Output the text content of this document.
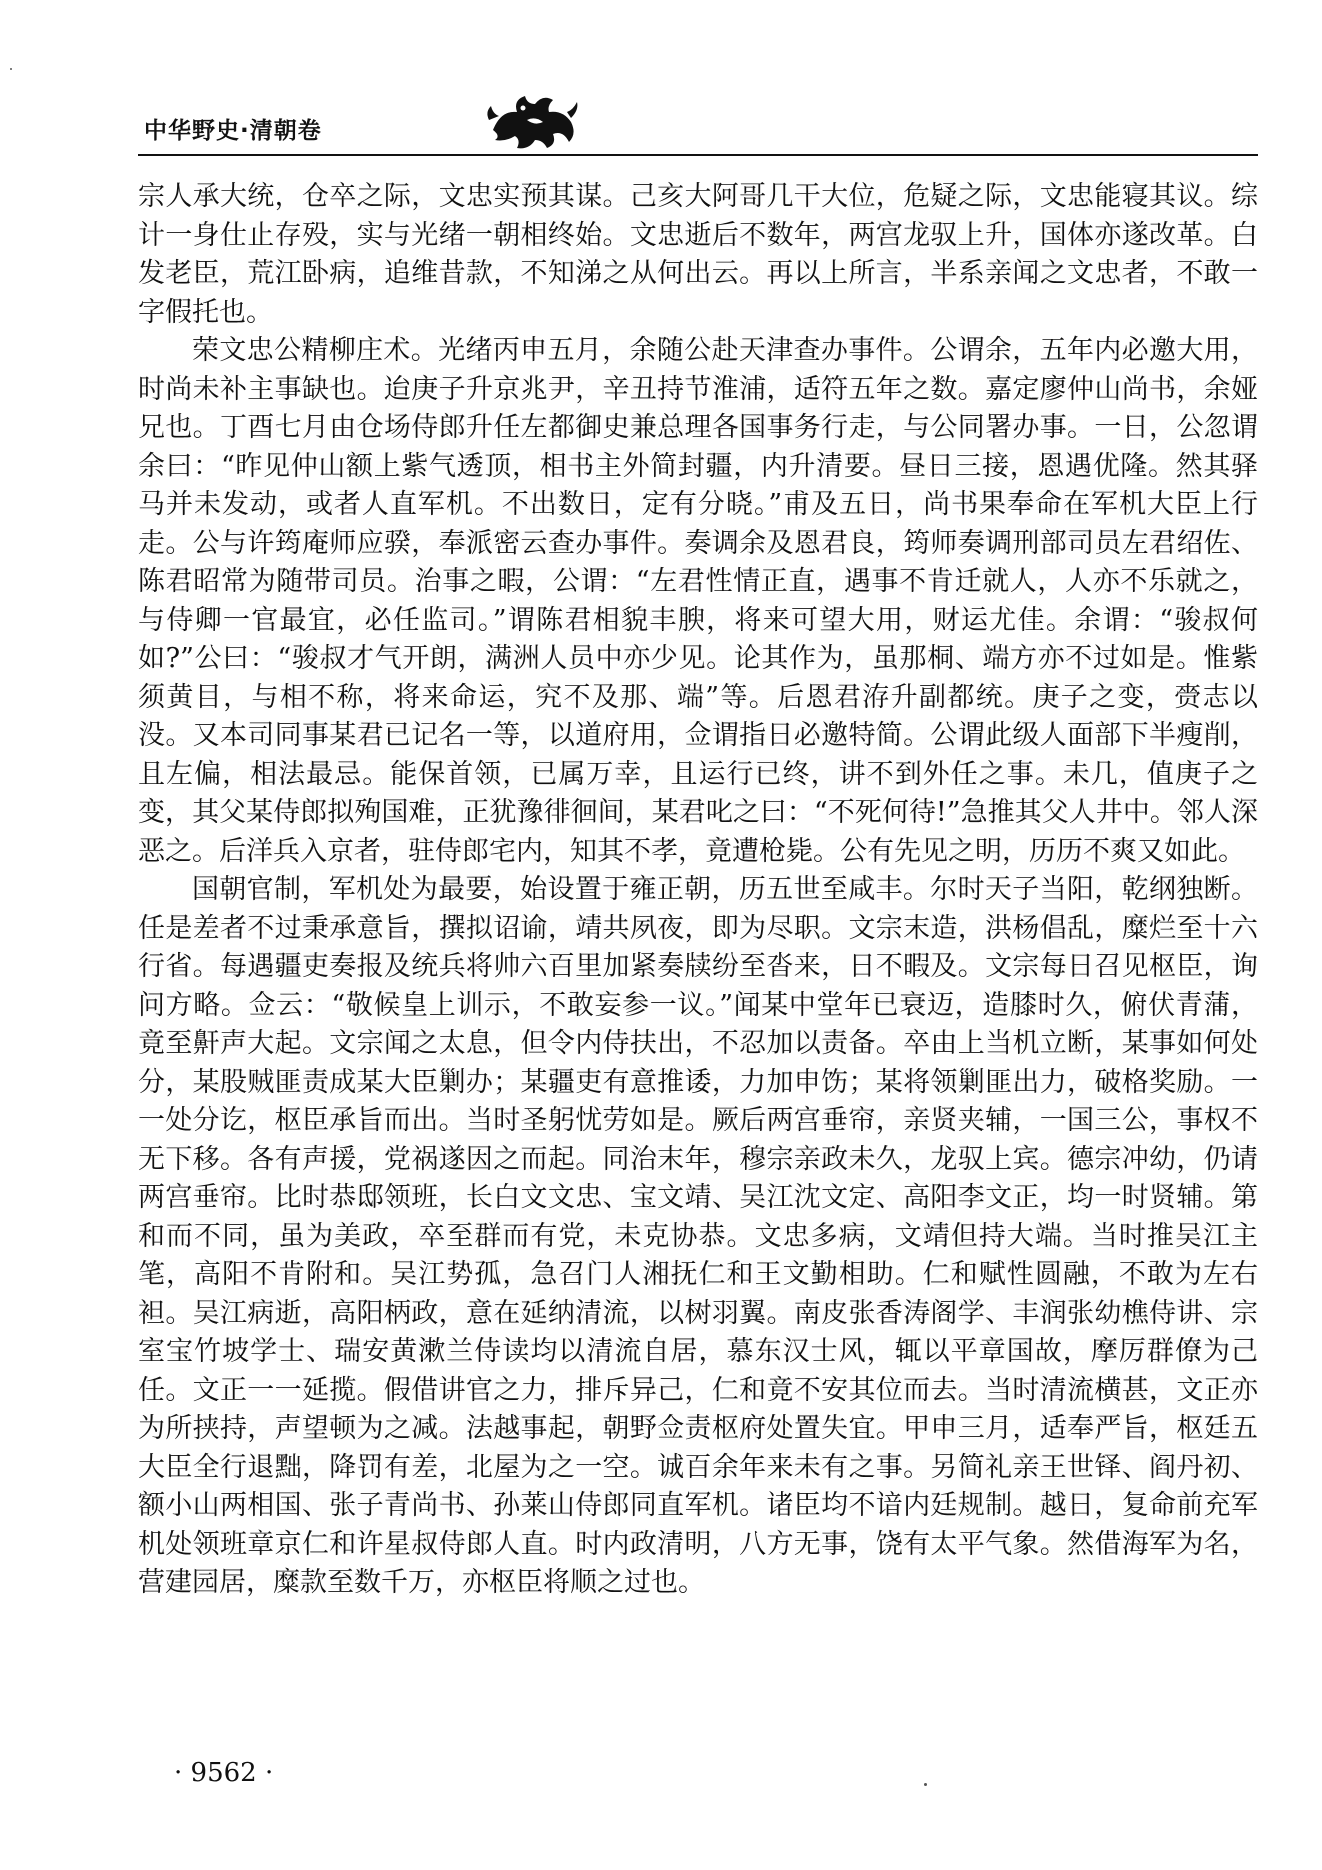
中华野史·清朝卷

宗人承大统，仓卒之际，文忠实预其谋。己亥大阿哥几干大位，危疑之际，文忠能寝其议。综计一身仕止存殁，实与光绪一朝相终始。文忠逝后不数年，两宫龙驭上升，国体亦遂改革。白发老臣，荒江卧病，追维昔款，不知涕之从何出云。再以上所言，半系亲闻之文忠者，不敢一字假托也。

荣文忠公精柳庄术。光绪丙申五月，余随公赴天津查办事件。公谓余，五年内必邀大用，时尚未补主事缺也。迨庚子升京兆尹，辛丑持节淮浦，适符五年之数。嘉定廖仲山尚书，余娅兄也。丁酉七月由仓场侍郎升任左都御史兼总理各国事务行走，与公同署办事。一日，公忽谓余曰：“昨见仲山额上紫气透顶，相书主外简封疆，内升清要。昼日三接，恩遇优隆。然其驿马并未发动，或者人直军机。不出数日，定有分晓。”甫及五日，尚书果奉命在军机大臣上行走。公与许筠庵师应骙，奉派密云查办事件。奏调余及恩君良，筠师奏调刑部司员左君绍佐、陈君昭常为随带司员。治事之暇，公谓：“左君性情正直，遇事不肯迁就人，人亦不乐就之，与侍卿一官最宜，必任监司。”谓陈君相貌丰腴，将来可望大用，财运尤佳。余谓：“骏叔何如?”公曰：“骏叔才气开朗，满洲人员中亦少见。论其作为，虽那桐、端方亦不过如是。惟紫须黄目，与相不称，将来命运，究不及那、端”等。后恩君洊升副都统。庚子之变，赍志以没。又本司同事某君已记名一等，以道府用，佥谓指日必邀特简。公谓此级人面部下半瘦削，且左偏，相法最忌。能保首领，已属万幸，且运行已终，讲不到外任之事。未几，值庚子之变，其父某侍郎拟殉国难，正犹豫徘徊间，某君叱之曰：“不死何待!”急推其父人井中。邻人深恶之。后洋兵入京者，驻侍郎宅内，知其不孝，竟遭枪毙。公有先见之明，历历不爽又如此。

国朝官制，军机处为最要，始设置于雍正朝，历五世至咸丰。尔时天子当阳，乾纲独断。任是差者不过秉承意旨，撰拟诏谕，靖共夙夜，即为尽职。文宗末造，洪杨倡乱，糜烂至十六行省。每遇疆吏奏报及统兵将帅六百里加紧奏牍纷至沓来，日不暇及。文宗每日召见枢臣，询问方略。佥云：“敬候皇上训示，不敢妄参一议。”闻某中堂年已衰迈，造膝时久，俯伏青蒲，竟至鼾声大起。文宗闻之太息，但令内侍扶出，不忍加以责备。卒由上当机立断，某事如何处分，某股贼匪责成某大臣剿办；某疆吏有意推诿，力加申饬；某将领剿匪出力，破格奖励。一一处分讫，枢臣承旨而出。当时圣躬忧劳如是。厥后两宫垂帘，亲贤夹辅，一国三公，事权不无下移。各有声援，党祸遂因之而起。同治末年，穆宗亲政未久，龙驭上宾。德宗冲幼，仍请两宫垂帘。比时恭邸领班，长白文文忠、宝文靖、吴江沈文定、高阳李文正，均一时贤辅。第和而不同，虽为美政，卒至群而有党，未克协恭。文忠多病，文靖但持大端。当时推吴江主笔，高阳不肯附和。吴江势孤，急召门人湘抚仁和王文勤相助。仁和赋性圆融，不敢为左右袒。吴江病逝，高阳柄政，意在延纳清流，以树羽翼。南皮张香涛阁学、丰润张幼樵侍讲、宗室宝竹坡学士、瑞安黄漱兰侍读均以清流自居，慕东汉士风，辄以平章国故，摩厉群僚为己任。文正一一延揽。假借讲官之力，排斥异己，仁和竟不安其位而去。当时清流横甚，文正亦为所挟持，声望顿为之减。法越事起，朝野佥责枢府处置失宜。甲申三月，适奉严旨，枢廷五大臣全行退黜，降罚有差，北屋为之一空。诚百余年来未有之事。另简礼亲王世铎、阎丹初、额小山两相国、张子青尚书、孙莱山侍郎同直军机。诸臣均不谙内廷规制。越日，复命前充军机处领班章京仁和许星叔侍郎人直。时内政清明，八方无事，饶有太平气象。然借海军为名，营建园居，糜款至数千万，亦枢臣将顺之过也。

· 9562 ·
